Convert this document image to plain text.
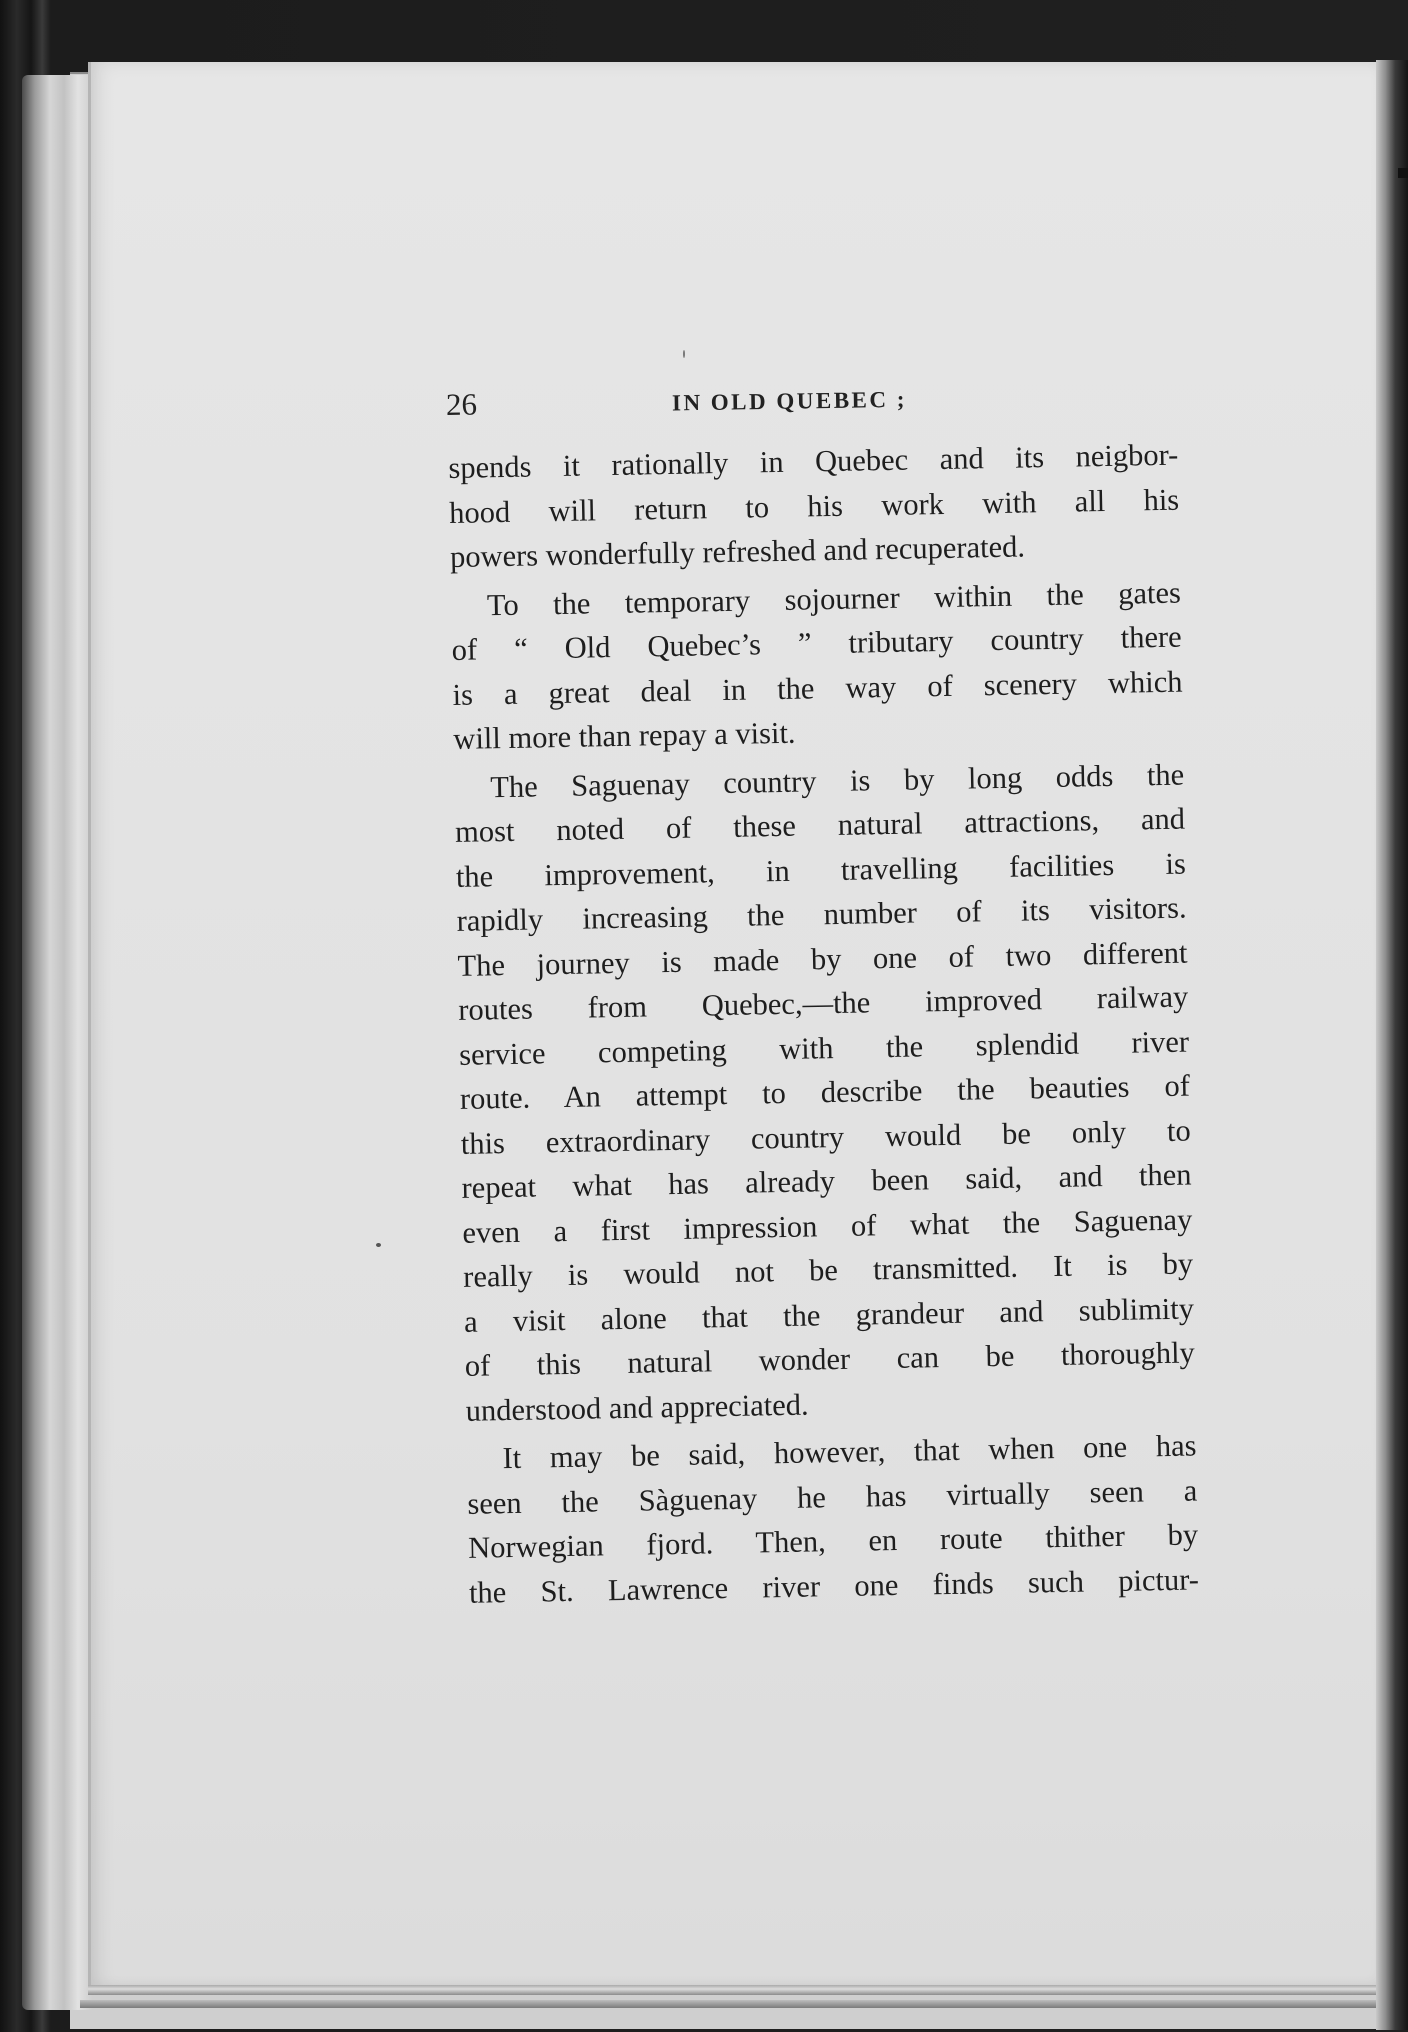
26	IN OLD QUEBEC ;
spends it rationally in Quebec and its neigbor-
hood will return to his work with all his
powers wonderfully refreshed and recuperated.
To the temporary sojourner within the gates
of “ Old Quebec’s ” tributary country there
is a great deal in the way of scenery which
will more than repay a visit.
The Saguenay country is by long odds the
most noted of these natural attractions, and
the improvement, in travelling facilities is
rapidly increasing the number of its visitors.
The journey is made by one of two different
routes from Quebec,—the improved railway
service competing with the splendid river
route. An attempt to describe the beauties of
this extraordinary country would be only to
repeat what has already been said, and then
even a first impression of what the Saguenay
really is would not be transmitted. It is by
a visit alone that the grandeur and sublimity
of this natural wonder can be thoroughly
understood and appreciated.
It may be said, however, that when one has
seen the Sàguenay he has virtually seen a
Norwegian fjord. Then, en route thither by
the St. Lawrence river one finds such pictur-
